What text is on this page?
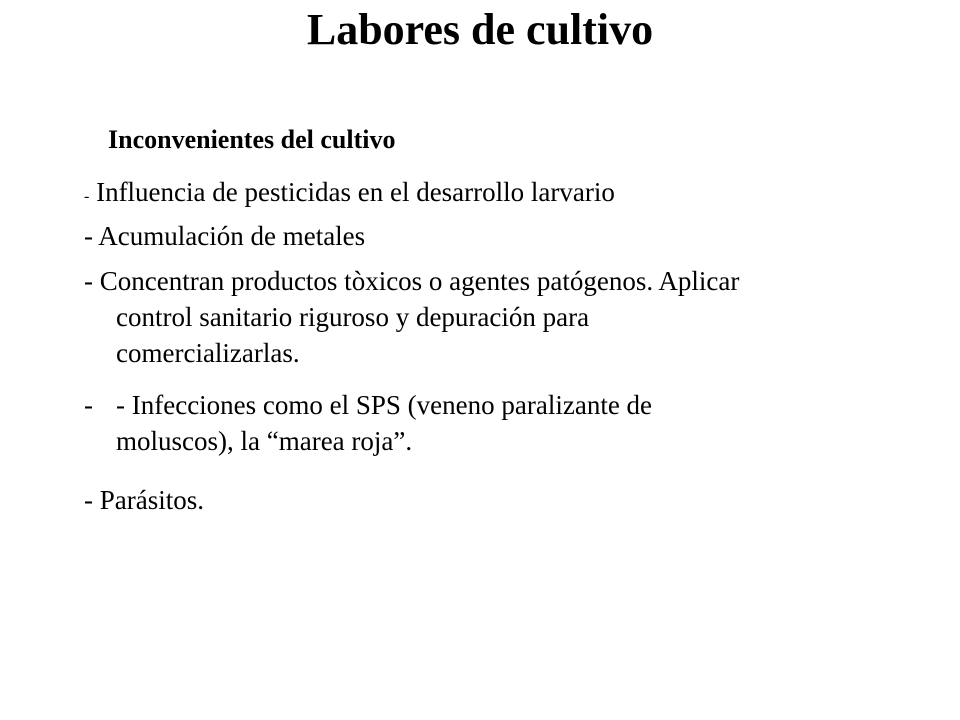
Labores de cultivo
Inconvenientes del cultivo
- Influencia de pesticidas en el desarrollo larvario
- Acumulación de metales
- Concentran productos tòxicos o agentes patógenos. Aplicar
control sanitario riguroso y depuración para
comercializarlas.
- - Infecciones como el SPS (veneno paralizante de
moluscos), la “marea roja”.
- Parásitos.
